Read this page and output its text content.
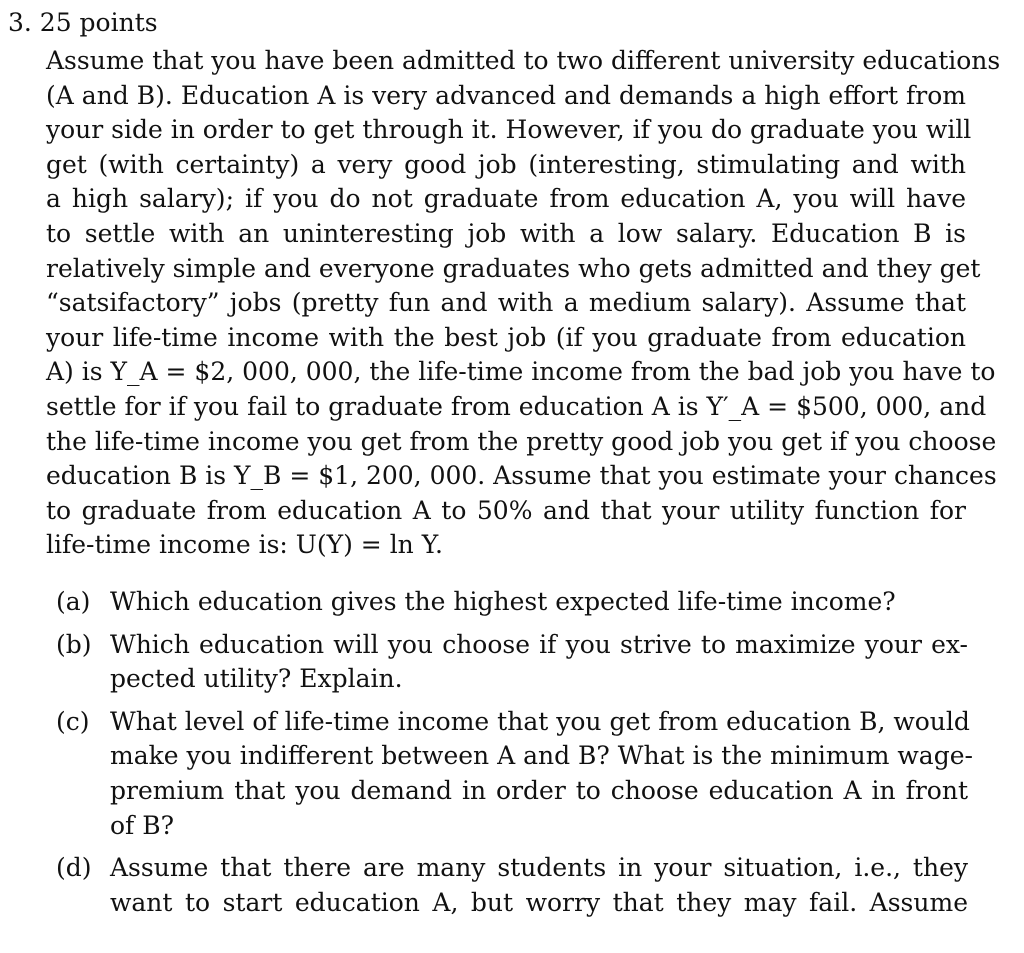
3. 25 points
Assume that you have been admitted to two different university educations
(A and B). Education A is very advanced and demands a high effort from
your side in order to get through it. However, if you do graduate you will
get (with certainty) a very good job (interesting, stimulating and with
a high salary); if you do not graduate from education A, you will have
to settle with an uninteresting job with a low salary. Education B is
relatively simple and everyone graduates who gets admitted and they get
“satsifactory” jobs (pretty fun and with a medium salary). Assume that
your life-time income with the best job (if you graduate from education
A) is Y_A = $2, 000, 000, the life-time income from the bad job you have to
settle for if you fail to graduate from education A is Y′_A = $500, 000, and
the life-time income you get from the pretty good job you get if you choose
education B is Y_B = $1, 200, 000. Assume that you estimate your chances
to graduate from education A to 50% and that your utility function for
life-time income is: U(Y) = ln Y.
(a) Which education gives the highest expected life-time income?
(b) Which education will you choose if you strive to maximize your ex-
pected utility? Explain.
(c) What level of life-time income that you get from education B, would
make you indifferent between A and B? What is the minimum wage-
premium that you demand in order to choose education A in front
of B?
(d) Assume that there are many students in your situation, i.e., they
want to start education A, but worry that they may fail. Assume
